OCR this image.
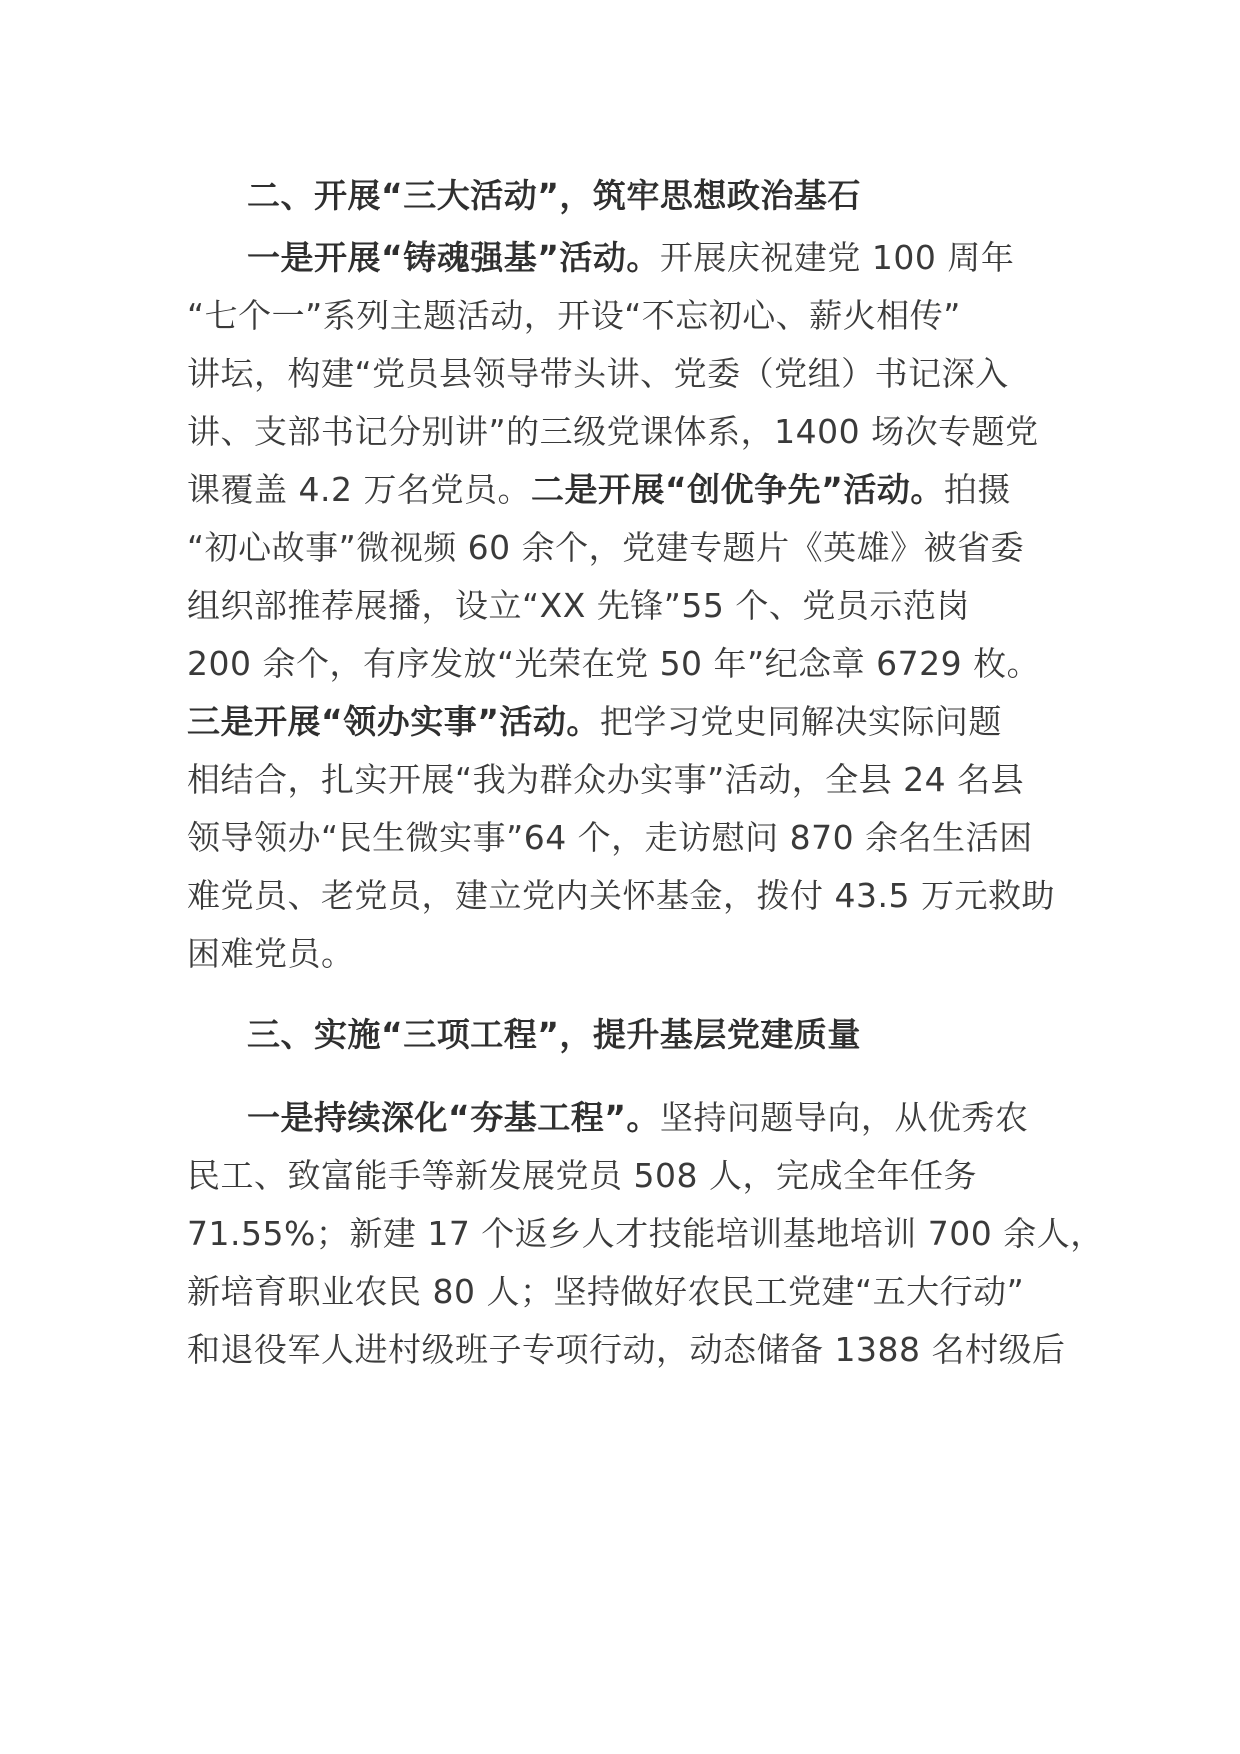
二、开展“三大活动”，筑牢思想政治基石
一是开展“铸魂强基”活动。开展庆祝建党 100 周年
“七个一”系列主题活动，开设“不忘初心、薪火相传”
讲坛，构建“党员县领导带头讲、党委（党组）书记深入
讲、支部书记分别讲”的三级党课体系，1400 场次专题党
课覆盖 4.2 万名党员。二是开展“创优争先”活动。拍摄
“初心故事”微视频 60 余个，党建专题片《英雄》被省委
组织部推荐展播，设立“XX 先锋”55 个、党员示范岗
200 余个，有序发放“光荣在党 50 年”纪念章 6729 枚。
三是开展“领办实事”活动。把学习党史同解决实际问题
相结合，扎实开展“我为群众办实事”活动，全县 24 名县
领导领办“民生微实事”64 个，走访慰问 870 余名生活困
难党员、老党员，建立党内关怀基金，拨付 43.5 万元救助
困难党员。
三、实施“三项工程”，提升基层党建质量
一是持续深化“夯基工程”。坚持问题导向，从优秀农
民工、致富能手等新发展党员 508 人，完成全年任务
71.55%；新建 17 个返乡人才技能培训基地培训 700 余人，
新培育职业农民 80 人；坚持做好农民工党建“五大行动”
和退役军人进村级班子专项行动，动态储备 1388 名村级后
